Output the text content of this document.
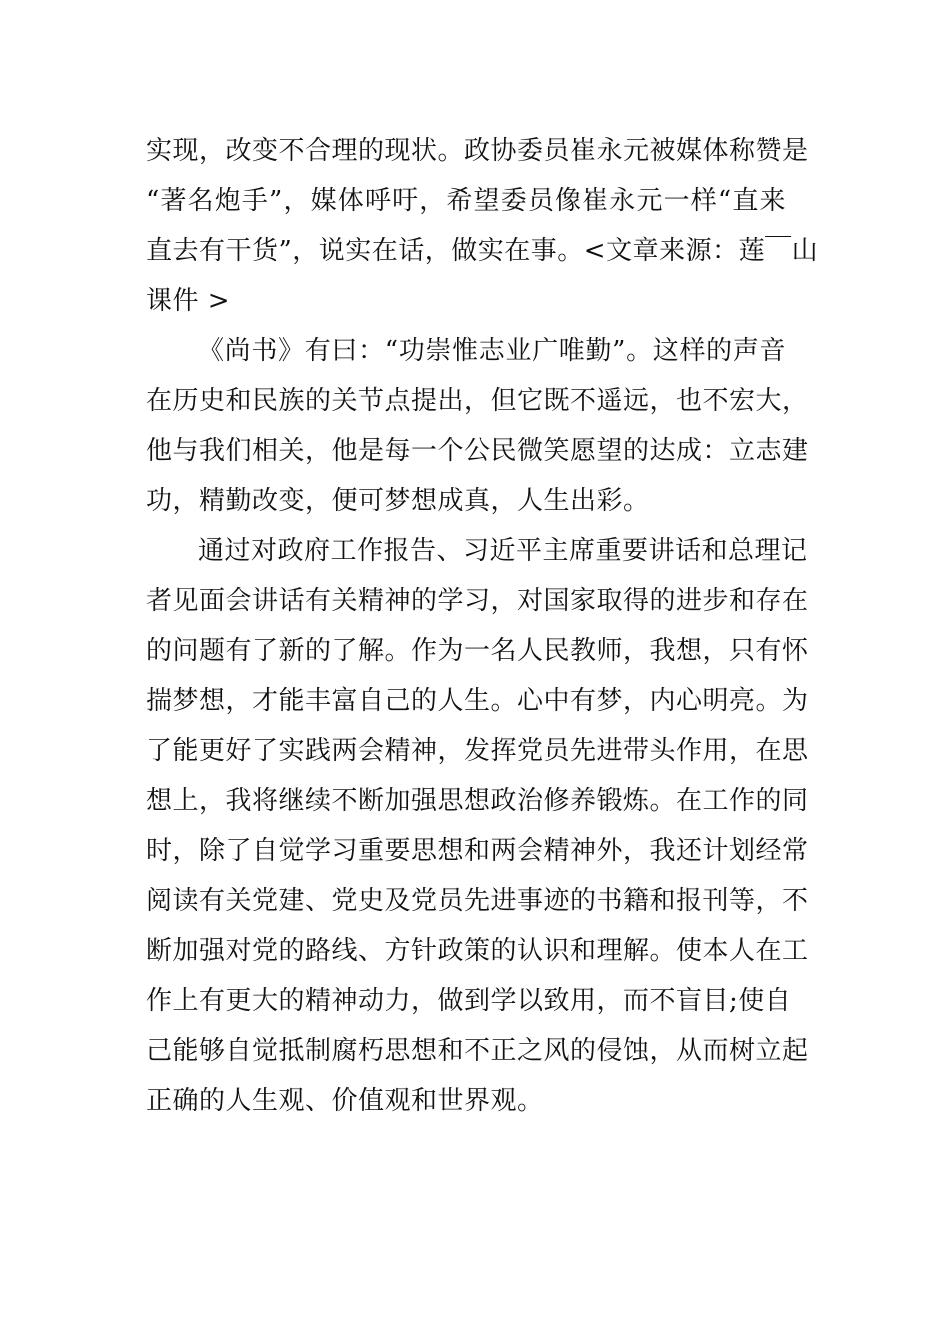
实现，改变不合理的现状。政协委员崔永元被媒体称赞是
“著名炮手”，媒体呼吁，希望委员像崔永元一样“直来
直去有干货”，说实在话，做实在事。<文章来源：莲￣山
课件 >
《尚书》有曰：“功崇惟志业广唯勤”。这样的声音
在历史和民族的关节点提出，但它既不遥远，也不宏大，
他与我们相关，他是每一个公民微笑愿望的达成：立志建
功，精勤改变，便可梦想成真，人生出彩。
通过对政府工作报告、习近平主席重要讲话和总理记
者见面会讲话有关精神的学习，对国家取得的进步和存在
的问题有了新的了解。作为一名人民教师，我想，只有怀
揣梦想，才能丰富自己的人生。心中有梦，内心明亮。为
了能更好了实践两会精神，发挥党员先进带头作用，在思
想上，我将继续不断加强思想政治修养锻炼。在工作的同
时，除了自觉学习重要思想和两会精神外，我还计划经常
阅读有关党建、党史及党员先进事迹的书籍和报刊等，不
断加强对党的路线、方针政策的认识和理解。使本人在工
作上有更大的精神动力，做到学以致用，而不盲目;使自
己能够自觉抵制腐朽思想和不正之风的侵蚀，从而树立起
正确的人生观、价值观和世界观。
